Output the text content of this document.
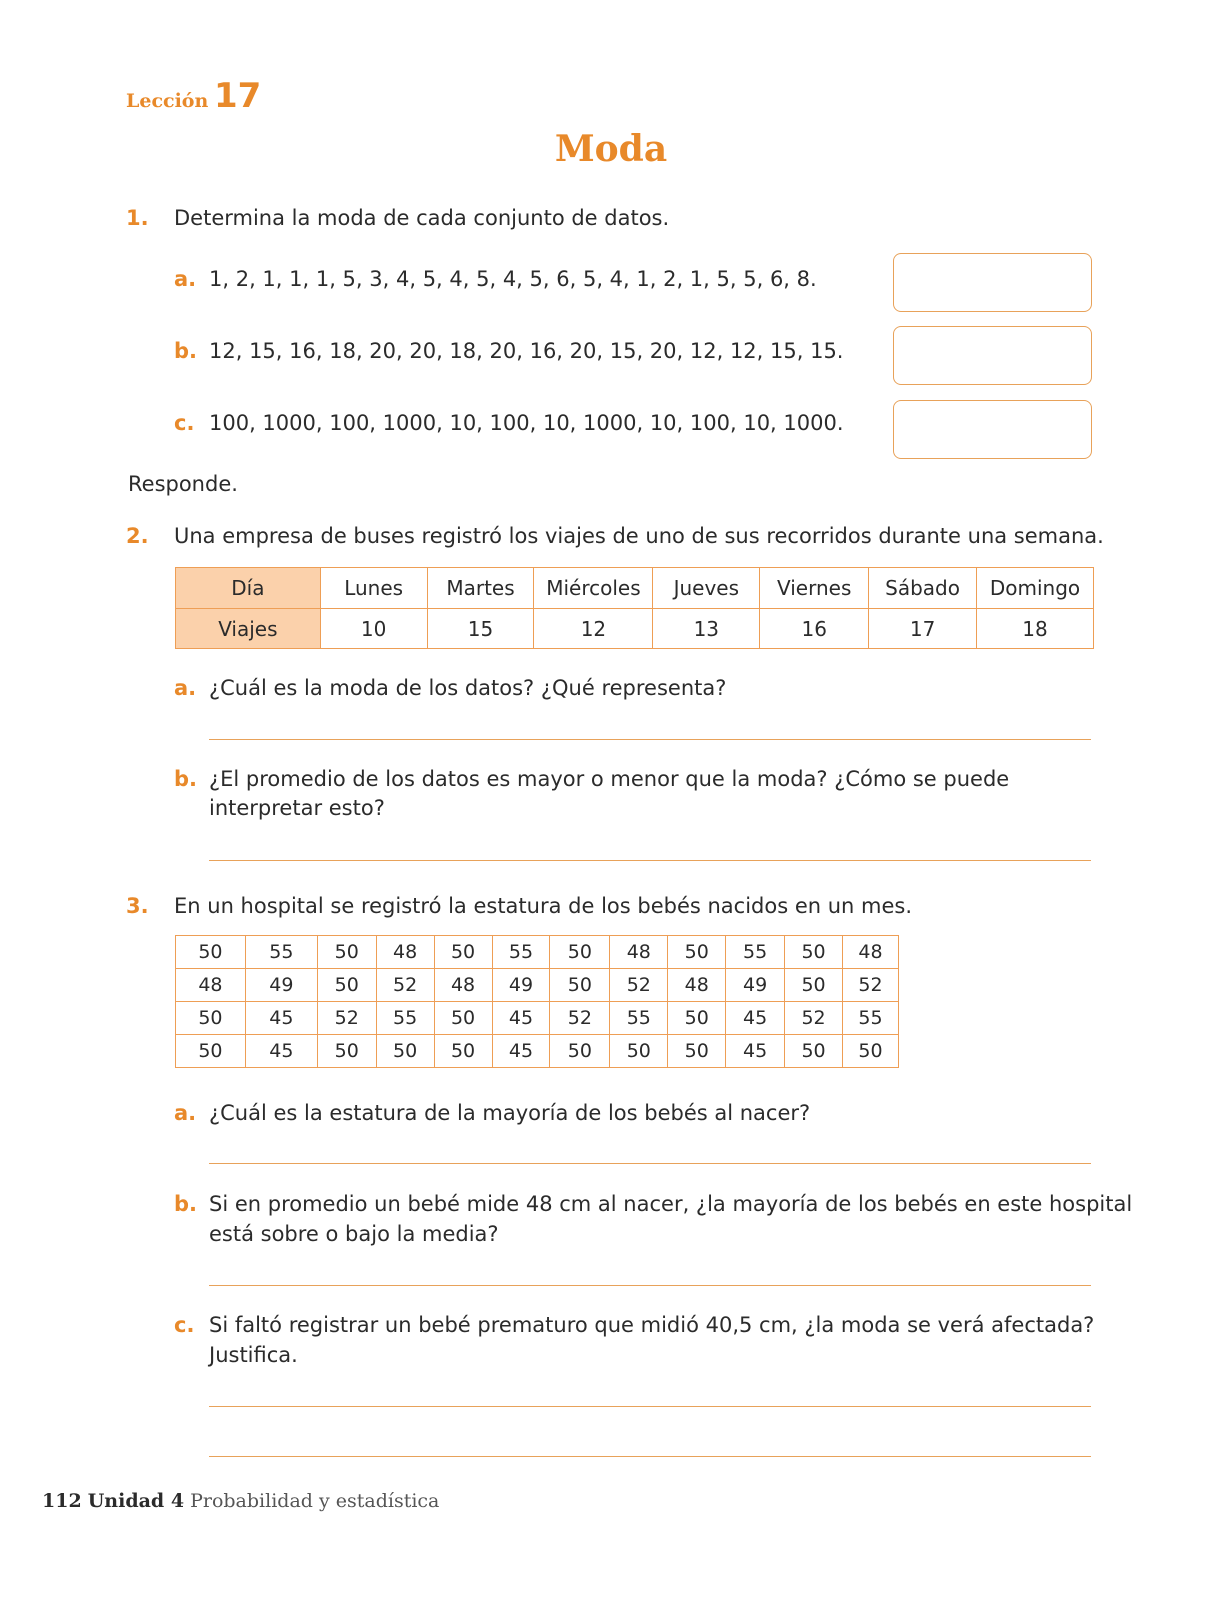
Lección 17
Moda
1. Determina la moda de cada conjunto de datos.
a. 1, 2, 1, 1, 1, 5, 3, 4, 5, 4, 5, 4, 5, 6, 5, 4, 1, 2, 1, 5, 5, 6, 8.
b. 12, 15, 16, 18, 20, 20, 18, 20, 16, 20, 15, 20, 12, 12, 15, 15.
c. 100, 1000, 100, 1000, 10, 100, 10, 1000, 10, 100, 10, 1000.
Responde.
2. Una empresa de buses registró los viajes de uno de sus recorridos durante una semana.
Día	Lunes	Martes	Miércoles	Jueves	Viernes	Sábado	Domingo
Viajes	10	15	12	13	16	17	18
a. ¿Cuál es la moda de los datos? ¿Qué representa?
b. ¿El promedio de los datos es mayor o menor que la moda? ¿Cómo se puede
interpretar esto?
3. En un hospital se registró la estatura de los bebés nacidos en un mes.
50	55	50	48	50	55	50	48	50	55	50	48
48	49	50	52	48	49	50	52	48	49	50	52
50	45	52	55	50	45	52	55	50	45	52	55
50	45	50	50	50	45	50	50	50	45	50	50
a. ¿Cuál es la estatura de la mayoría de los bebés al nacer?
b. Si en promedio un bebé mide 48 cm al nacer, ¿la mayoría de los bebés en este hospital
está sobre o bajo la media?
c. Si faltó registrar un bebé prematuro que midió 40,5 cm, ¿la moda se verá afectada?
Justifica.
112 Unidad 4 Probabilidad y estadística
